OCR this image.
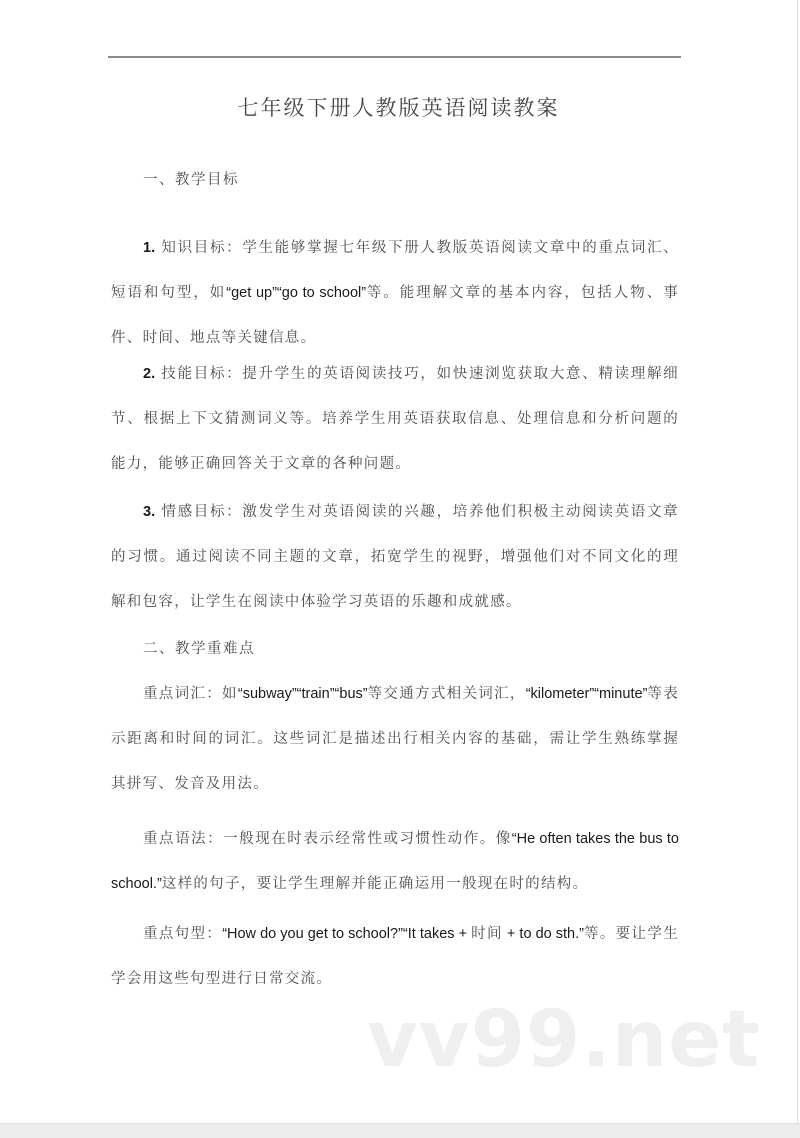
七年级下册人教版英语阅读教案
一、教学目标
1. 知识目标：学生能够掌握七年级下册人教版英语阅读文章中的重点词汇、短语和句型，如“get up”“go to school”等。能理解文章的基本内容，包括人物、事件、时间、地点等关键信息。
2. 技能目标：提升学生的英语阅读技巧，如快速浏览获取大意、精读理解细节、根据上下文猜测词义等。培养学生用英语获取信息、处理信息和分析问题的能力，能够正确回答关于文章的各种问题。
3. 情感目标：激发学生对英语阅读的兴趣，培养他们积极主动阅读英语文章的习惯。通过阅读不同主题的文章，拓宽学生的视野，增强他们对不同文化的理解和包容，让学生在阅读中体验学习英语的乐趣和成就感。
二、教学重难点
重点词汇：如“subway”“train”“bus”等交通方式相关词汇，“kilometer”“minute”等表示距离和时间的词汇。这些词汇是描述出行相关内容的基础，需让学生熟练掌握其拼写、发音及用法。
重点语法：一般现在时表示经常性或习惯性动作。像“He often takes the bus to school.”这样的句子，要让学生理解并能正确运用一般现在时的结构。
重点句型：“How do you get to school?”“It takes + 时间 + to do sth.”等。要让学生学会用这些句型进行日常交流。
vv99.net
